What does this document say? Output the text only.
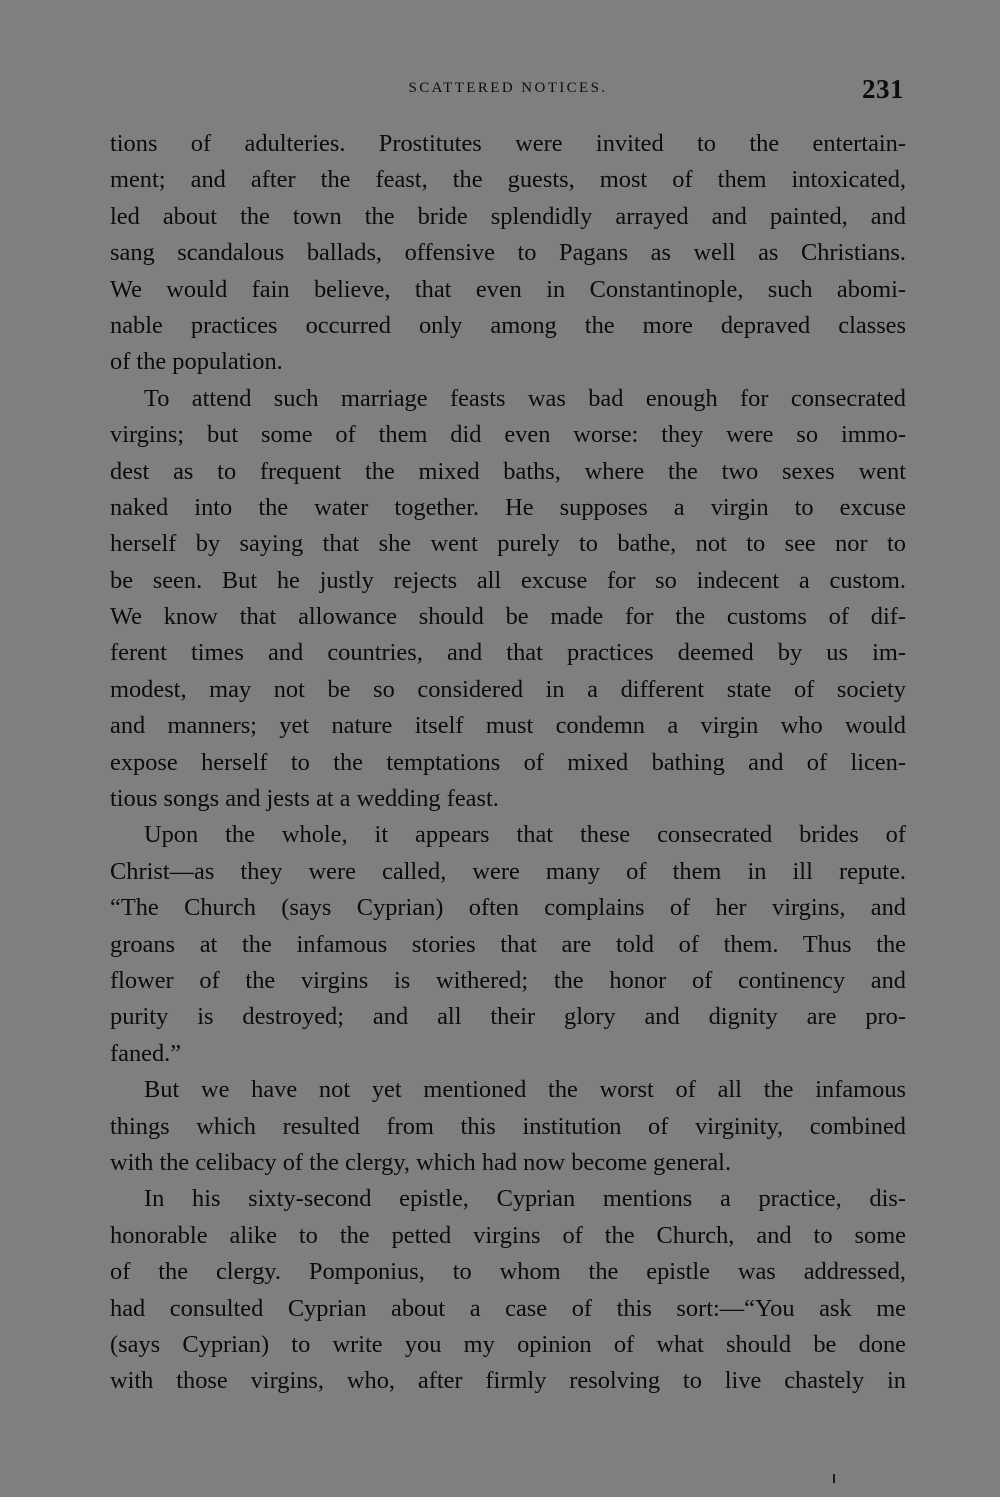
SCATTERED NOTICES.	231
tions of adulteries. Prostitutes were invited to the entertain-
ment; and after the feast, the guests, most of them intoxicated,
led about the town the bride splendidly arrayed and painted, and
sang scandalous ballads, offensive to Pagans as well as Christians.
We would fain believe, that even in Constantinople, such abomi-
nable practices occurred only among the more depraved classes
of the population.
To attend such marriage feasts was bad enough for consecrated
virgins; but some of them did even worse: they were so immo-
dest as to frequent the mixed baths, where the two sexes went
naked into the water together. He supposes a virgin to excuse
herself by saying that she went purely to bathe, not to see nor to
be seen. But he justly rejects all excuse for so indecent a custom.
We know that allowance should be made for the customs of dif-
ferent times and countries, and that practices deemed by us im-
modest, may not be so considered in a different state of society
and manners; yet nature itself must condemn a virgin who would
expose herself to the temptations of mixed bathing and of licen-
tious songs and jests at a wedding feast.
Upon the whole, it appears that these consecrated brides of
Christ—as they were called, were many of them in ill repute.
“The Church (says Cyprian) often complains of her virgins, and
groans at the infamous stories that are told of them. Thus the
flower of the virgins is withered; the honor of continency and
purity is destroyed; and all their glory and dignity are pro-
faned.”
But we have not yet mentioned the worst of all the infamous
things which resulted from this institution of virginity, combined
with the celibacy of the clergy, which had now become general.
In his sixty-second epistle, Cyprian mentions a practice, dis-
honorable alike to the petted virgins of the Church, and to some
of the clergy. Pomponius, to whom the epistle was addressed,
had consulted Cyprian about a case of this sort:—“You ask me
(says Cyprian) to write you my opinion of what should be done
with those virgins, who, after firmly resolving to live chastely in
